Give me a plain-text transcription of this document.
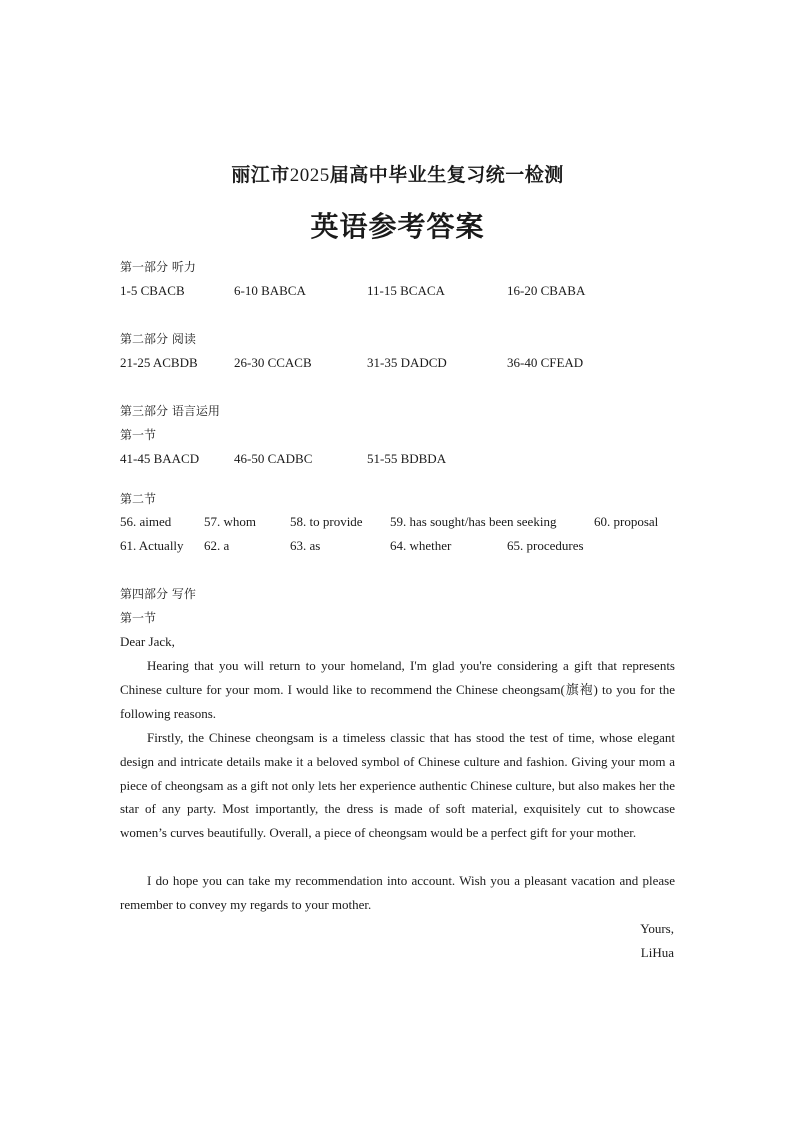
丽江市2025届高中毕业生复习统一检测
英语参考答案
第一部分 听力
1-5 CBACB	6-10 BABCA	11-15 BCACA	16-20 CBABA
第二部分 阅读
21-25 ACBDB	26-30 CCACB	31-35 DADCD	36-40 CFEAD
第三部分 语言运用
第一节
41-45 BAACD	46-50 CADBC	51-55 BDBDA
第二节
56. aimed	57. whom	58. to provide 59. has sought/has been seeking	60. proposal
61. Actually 62. a	63. as	64. whether	65. procedures
第四部分 写作
第一节
Dear Jack,
Hearing that you will return to your homeland, I'm glad you're considering a gift that represents Chinese culture for your mom. I would like to recommend the Chinese cheongsam(旗袍) to you for the following reasons.
Firstly, the Chinese cheongsam is a timeless classic that has stood the test of time, whose elegant design and intricate details make it a beloved symbol of Chinese culture and fashion. Giving your mom a piece of cheongsam as a gift not only lets her experience authentic Chinese culture, but also makes her the star of any party. Most importantly, the dress is made of soft material, exquisitely cut to showcase women’s curves beautifully. Overall, a piece of cheongsam would be a perfect gift for your mother.
I do hope you can take my recommendation into account. Wish you a pleasant vacation and please remember to convey my regards to your mother.
Yours,
LiHua
